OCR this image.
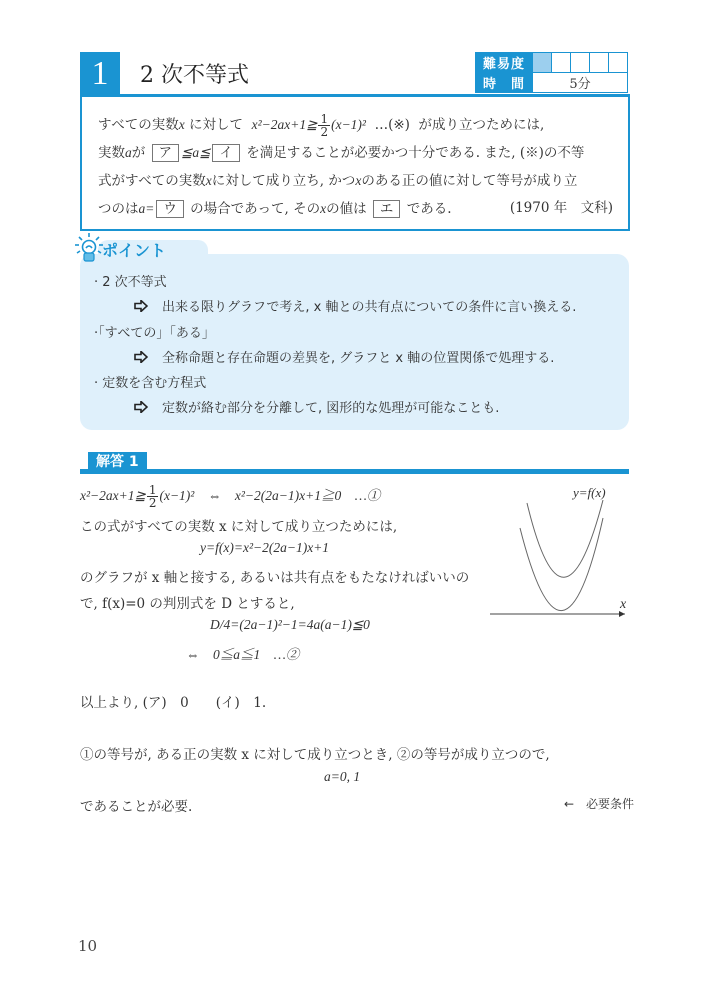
1	2 次不等式	難易度					
時　間	5分				
すべての実数x に対して x²−2ax+1≧ $\frac{1}{2} (x-1)^2$ …(※) が成り立つためには,
実数aが ア ≦a≦ イ を満足することが必要かつ十分である. また, (※)の不等
式がすべての実数xに対して成り立ち, かつxのある正の値に対して等号が成り立
つのはa= ウ の場合であって, そのxの値は エ である.	(1970 年　文科)
ポイント
· 2 次不等式
出来る限りグラフで考え, x 軸との共有点についての条件に言い換える.
·「すべての」「ある」
全称命題と存在命題の差異を, グラフと x 軸の位置関係で処理する.
· 定数を含む方程式
定数が絡む部分を分離して, 図形的な処理が可能なことも.
解答 1
x²−2ax+1≧ $\frac{1}{2} (x-1)^2$　⇔　x²−2(2a−1)x+1≧0　…①
この式がすべての実数 x に対して成り立つためには,
y=f(x)=x²−2(2a−1)x+1
のグラフが x 軸と接する, あるいは共有点をもたなければいいの
で, f(x)=0 の判別式を D とすると,
D/4=(2a−1)²−1=4a(a−1)≦0
⇔　0≦a≦1　…②
y=f(x)
x
以上より, (ア)　0　　(イ)　1.
①の等号が, ある正の実数 x に対して成り立つとき, ②の等号が成り立つので,
a=0, 1
であることが必要.	←　必要条件
10
